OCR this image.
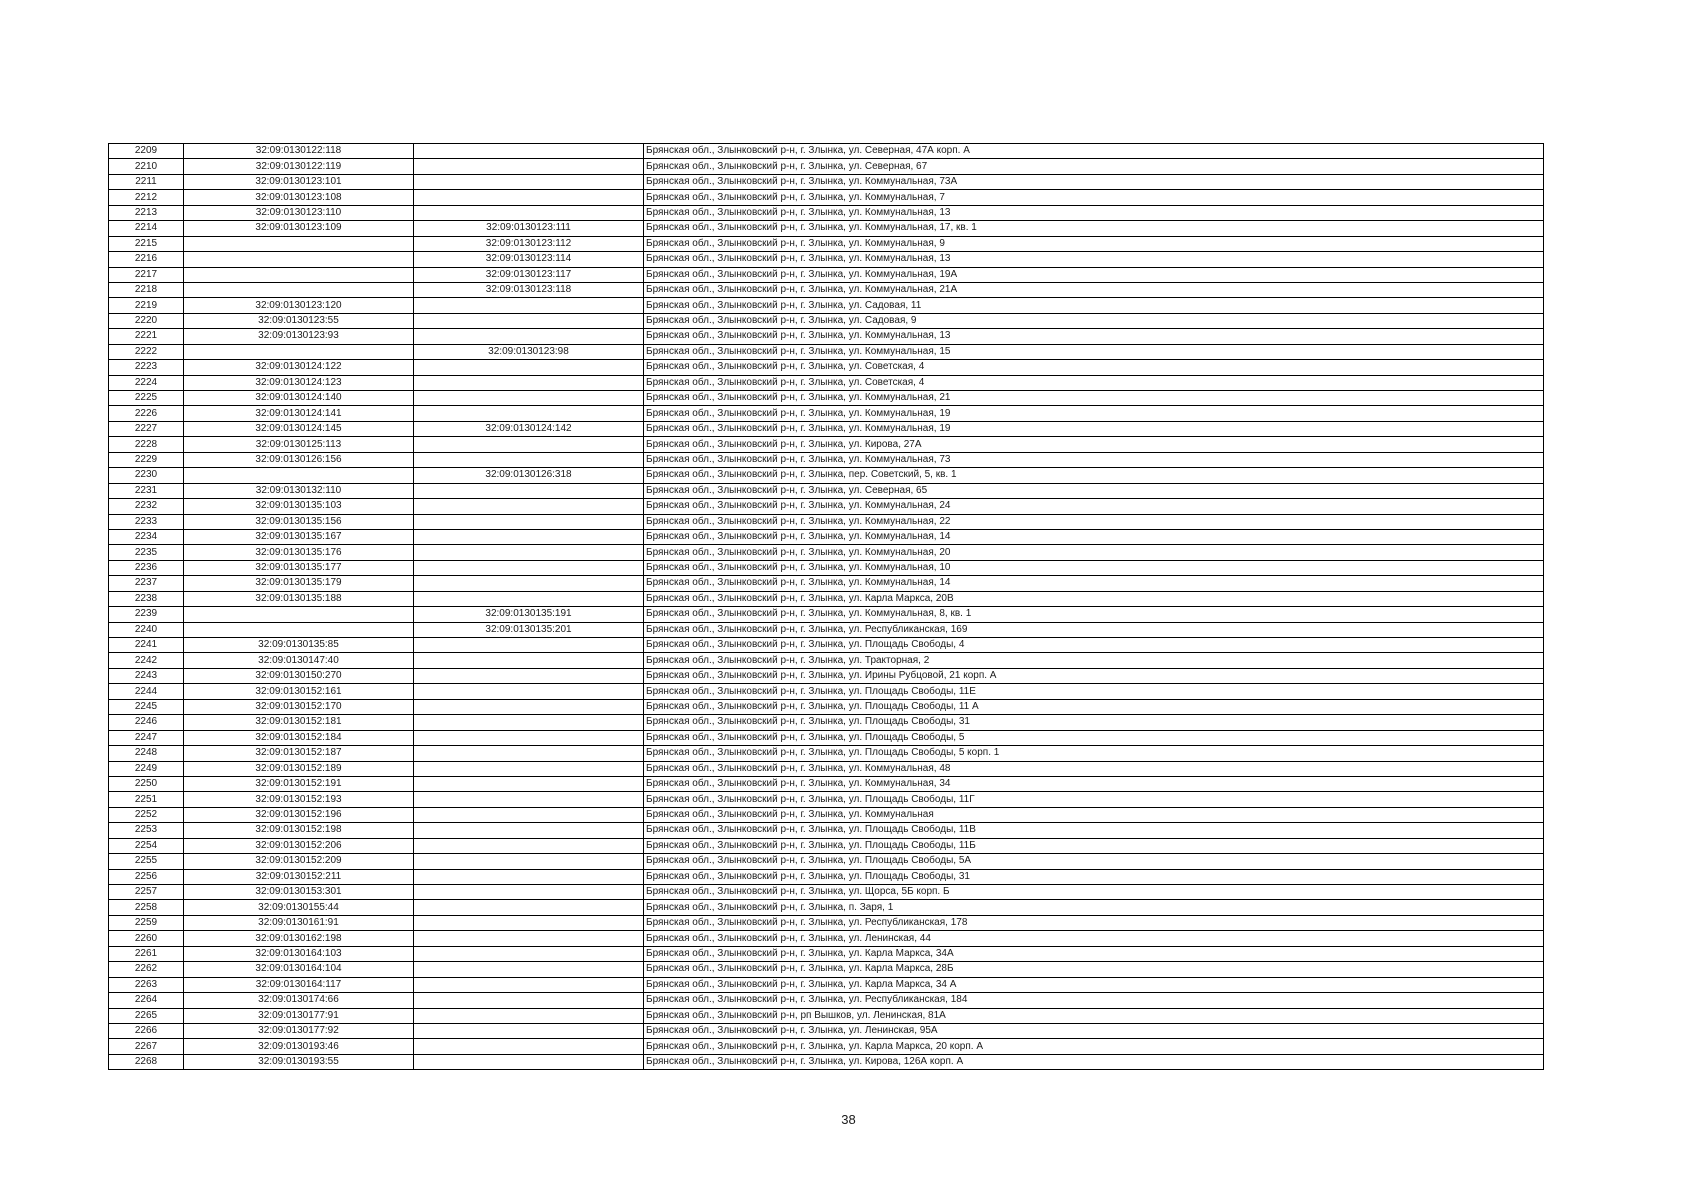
2209	32:09:0130122:118		Брянская обл., Злынковский р-н, г. Злынка, ул. Северная, 47А корп. А
2210	32:09:0130122:119		Брянская обл., Злынковский р-н, г. Злынка, ул. Северная, 67
2211	32:09:0130123:101		Брянская обл., Злынковский р-н, г. Злынка, ул. Коммунальная, 73А
2212	32:09:0130123:108		Брянская обл., Злынковский р-н, г. Злынка, ул. Коммунальная, 7
2213	32:09:0130123:110		Брянская обл., Злынковский р-н, г. Злынка, ул. Коммунальная, 13
2214	32:09:0130123:109	32:09:0130123:111	Брянская обл., Злынковский р-н, г. Злынка, ул. Коммунальная, 17, кв. 1
2215		32:09:0130123:112	Брянская обл., Злынковский р-н, г. Злынка, ул. Коммунальная, 9
2216		32:09:0130123:114	Брянская обл., Злынковский р-н, г. Злынка, ул. Коммунальная, 13
2217		32:09:0130123:117	Брянская обл., Злынковский р-н, г. Злынка, ул. Коммунальная, 19А
2218		32:09:0130123:118	Брянская обл., Злынковский р-н, г. Злынка, ул. Коммунальная, 21А
2219	32:09:0130123:120		Брянская обл., Злынковский р-н, г. Злынка, ул. Садовая, 11
2220	32:09:0130123:55		Брянская обл., Злынковский р-н, г. Злынка, ул. Садовая, 9
2221	32:09:0130123:93		Брянская обл., Злынковский р-н, г. Злынка, ул. Коммунальная, 13
2222		32:09:0130123:98	Брянская обл., Злынковский р-н, г. Злынка, ул. Коммунальная, 15
2223	32:09:0130124:122		Брянская обл., Злынковский р-н, г. Злынка, ул. Советская, 4
2224	32:09:0130124:123		Брянская обл., Злынковский р-н, г. Злынка, ул. Советская, 4
2225	32:09:0130124:140		Брянская обл., Злынковский р-н, г. Злынка, ул. Коммунальная, 21
2226	32:09:0130124:141		Брянская обл., Злынковский р-н, г. Злынка, ул. Коммунальная, 19
2227	32:09:0130124:145	32:09:0130124:142	Брянская обл., Злынковский р-н, г. Злынка, ул. Коммунальная, 19
2228	32:09:0130125:113		Брянская обл., Злынковский р-н, г. Злынка, ул. Кирова, 27А
2229	32:09:0130126:156		Брянская обл., Злынковский р-н, г. Злынка, ул. Коммунальная, 73
2230		32:09:0130126:318	Брянская обл., Злынковский р-н, г. Злынка, пер. Советский, 5, кв. 1
2231	32:09:0130132:110		Брянская обл., Злынковский р-н, г. Злынка, ул. Северная, 65
2232	32:09:0130135:103		Брянская обл., Злынковский р-н, г. Злынка, ул. Коммунальная, 24
2233	32:09:0130135:156		Брянская обл., Злынковский р-н, г. Злынка, ул. Коммунальная, 22
2234	32:09:0130135:167		Брянская обл., Злынковский р-н, г. Злынка, ул. Коммунальная, 14
2235	32:09:0130135:176		Брянская обл., Злынковский р-н, г. Злынка, ул. Коммунальная, 20
2236	32:09:0130135:177		Брянская обл., Злынковский р-н, г. Злынка, ул. Коммунальная, 10
2237	32:09:0130135:179		Брянская обл., Злынковский р-н, г. Злынка, ул. Коммунальная, 14
2238	32:09:0130135:188		Брянская обл., Злынковский р-н, г. Злынка, ул. Карла Маркса, 20В
2239		32:09:0130135:191	Брянская обл., Злынковский р-н, г. Злынка, ул. Коммунальная, 8, кв. 1
2240		32:09:0130135:201	Брянская обл., Злынковский р-н, г. Злынка, ул. Республиканская, 169
2241	32:09:0130135:85		Брянская обл., Злынковский р-н, г. Злынка, ул. Площадь Свободы, 4
2242	32:09:0130147:40		Брянская обл., Злынковский р-н, г. Злынка, ул. Тракторная, 2
2243	32:09:0130150:270		Брянская обл., Злынковский р-н, г. Злынка, ул. Ирины Рубцовой, 21 корп. А
2244	32:09:0130152:161		Брянская обл., Злынковский р-н, г. Злынка, ул. Площадь Свободы, 11Е
2245	32:09:0130152:170		Брянская обл., Злынковский р-н, г. Злынка, ул. Площадь Свободы, 11 А
2246	32:09:0130152:181		Брянская обл., Злынковский р-н, г. Злынка, ул. Площадь Свободы, 31
2247	32:09:0130152:184		Брянская обл., Злынковский р-н, г. Злынка, ул. Площадь Свободы, 5
2248	32:09:0130152:187		Брянская обл., Злынковский р-н, г. Злынка, ул. Площадь Свободы, 5 корп. 1
2249	32:09:0130152:189		Брянская обл., Злынковский р-н, г. Злынка, ул. Коммунальная, 48
2250	32:09:0130152:191		Брянская обл., Злынковский р-н, г. Злынка, ул. Коммунальная, 34
2251	32:09:0130152:193		Брянская обл., Злынковский р-н, г. Злынка, ул. Площадь Свободы, 11Г
2252	32:09:0130152:196		Брянская обл., Злынковский р-н, г. Злынка, ул. Коммунальная
2253	32:09:0130152:198		Брянская обл., Злынковский р-н, г. Злынка, ул. Площадь Свободы, 11В
2254	32:09:0130152:206		Брянская обл., Злынковский р-н, г. Злынка, ул. Площадь Свободы, 11Б
2255	32:09:0130152:209		Брянская обл., Злынковский р-н, г. Злынка, ул. Площадь Свободы, 5А
2256	32:09:0130152:211		Брянская обл., Злынковский р-н, г. Злынка, ул. Площадь Свободы, 31
2257	32:09:0130153:301		Брянская обл., Злынковский р-н, г. Злынка, ул. Щорса, 5Б корп. Б
2258	32:09:0130155:44		Брянская обл., Злынковский р-н, г. Злынка, п. Заря, 1
2259	32:09:0130161:91		Брянская обл., Злынковский р-н, г. Злынка, ул. Республиканская, 178
2260	32:09:0130162:198		Брянская обл., Злынковский р-н, г. Злынка, ул. Ленинская, 44
2261	32:09:0130164:103		Брянская обл., Злынковский р-н, г. Злынка, ул. Карла Маркса, 34А
2262	32:09:0130164:104		Брянская обл., Злынковский р-н, г. Злынка, ул. Карла Маркса, 28Б
2263	32:09:0130164:117		Брянская обл., Злынковский р-н, г. Злынка, ул. Карла Маркса, 34 А
2264	32:09:0130174:66		Брянская обл., Злынковский р-н, г. Злынка, ул. Республиканская, 184
2265	32:09:0130177:91		Брянская обл., Злынковский р-н, рп Вышков, ул. Ленинская, 81А
2266	32:09:0130177:92		Брянская обл., Злынковский р-н, г. Злынка, ул. Ленинская, 95А
2267	32:09:0130193:46		Брянская обл., Злынковский р-н, г. Злынка, ул. Карла Маркса, 20 корп. А
2268	32:09:0130193:55		Брянская обл., Злынковский р-н, г. Злынка, ул. Кирова, 126А корп. А
38
